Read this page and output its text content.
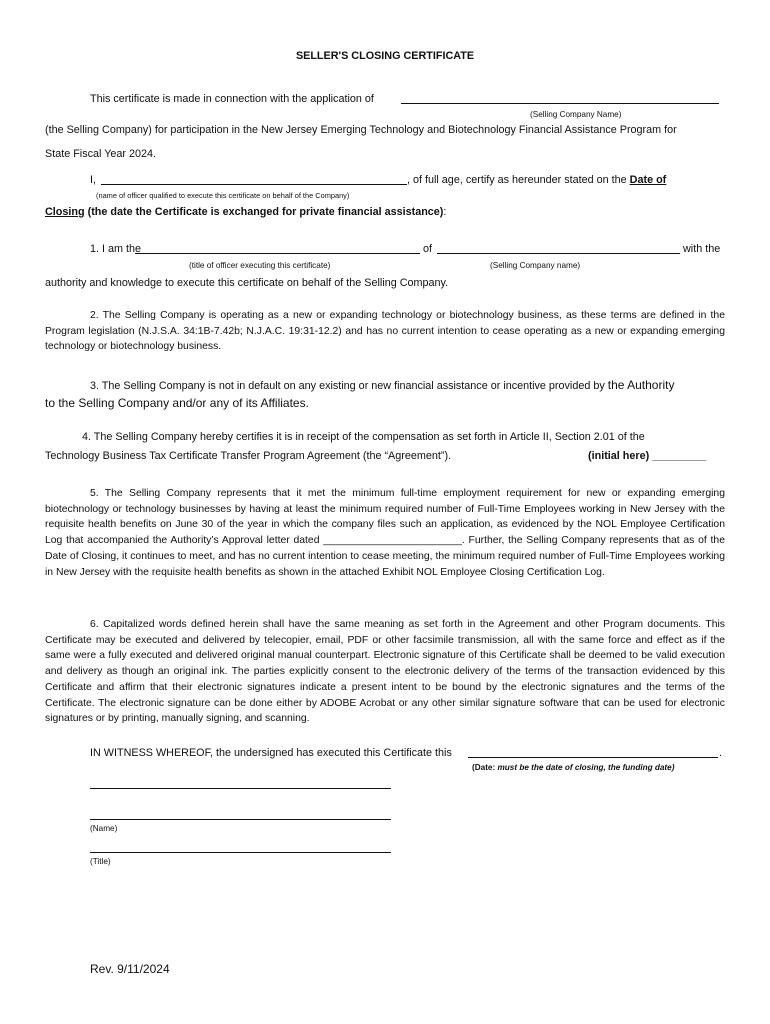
SELLER'S CLOSING CERTIFICATE
This certificate is made in connection with the application of
(Selling Company Name)
(the Selling Company) for participation in the New Jersey Emerging Technology and Biotechnology Financial Assistance Program for
State Fiscal Year 2024.
I,	, of full age, certify as hereunder stated on the Date of
(name of officer qualified to execute this certificate on behalf of the Company)
Closing (the date the Certificate is exchanged for private financial assistance):
1. I am the	of	with the
(title of officer executing this certificate)	(Selling Company name)
authority and knowledge to execute this certificate on behalf of the Selling Company.

2. The Selling Company is operating as a new or expanding technology or biotechnology business, as these terms are defined in the Program legislation (N.J.S.A. 34:1B-7.42b; N.J.A.C. 19:31-12.2) and has no current intention to cease operating as a new or expanding emerging technology or biotechnology business.

3. The Selling Company is not in default on any existing or new financial assistance or incentive provided by the Authority
to the Selling Company and/or any of its Affiliates.
4. The Selling Company hereby certifies it is in receipt of the compensation as set forth in Article II, Section 2.01 of the
Technology Business Tax Certificate Transfer Program Agreement (the “Agreement”).	(initial here) _________

5. The Selling Company represents that it met the minimum full-time employment requirement for new or expanding emerging biotechnology or technology businesses by having at least the minimum required number of Full-Time Employees working in New Jersey with the requisite health benefits on June 30 of the year in which the company files such an application, as evidenced by the NOL Employee Certification Log that accompanied the Authority’s Approval letter dated ________________________. Further, the Selling Company represents that as of the Date of Closing, it continues to meet, and has no current intention to cease meeting, the minimum required number of Full-Time Employees working in New Jersey with the requisite health benefits as shown in the attached Exhibit NOL Employee Closing Certification Log.

6. Capitalized words defined herein shall have the same meaning as set forth in the Agreement and other Program documents. This Certificate may be executed and delivered by telecopier, email, PDF or other facsimile transmission, all with the same force and effect as if the same were a fully executed and delivered original manual counterpart. Electronic signature of this Certificate shall be deemed to be valid execution and delivery as though an original ink. The parties explicitly consent to the electronic delivery of the terms of the transaction evidenced by this Certificate and affirm that their electronic signatures indicate a present intent to be bound by the electronic signatures and the terms of the Certificate. The electronic signature can be done either by ADOBE Acrobat or any other similar signature software that can be used for electronic signatures or by printing, manually signing, and scanning.

IN WITNESS WHEREOF, the undersigned has executed this Certificate this	.
(Date: must be the date of closing, the funding date)
(Name)
(Title)
Rev. 9/11/2024
